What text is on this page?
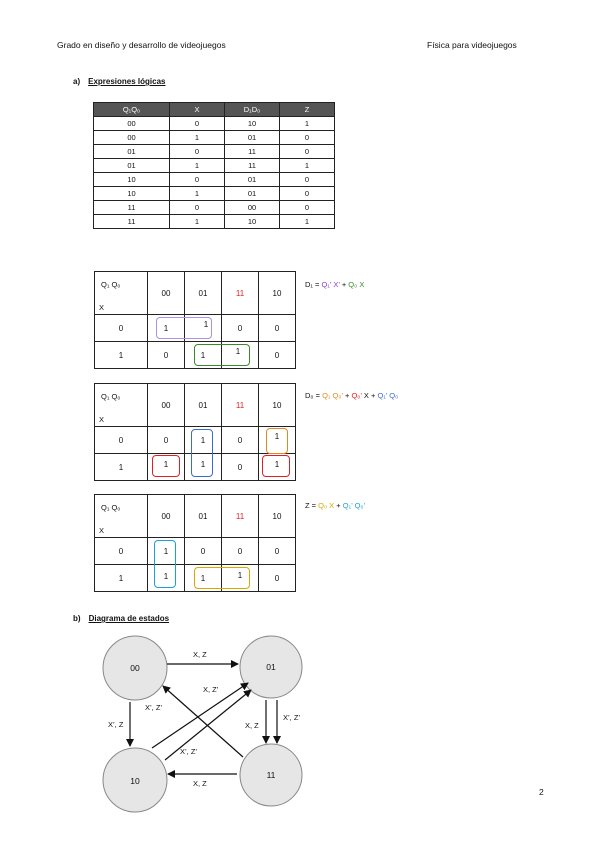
Grado en diseño y desarrollo de videojuegos	Física para videojuegos
a) Expresiones lógicas
Q₁Q₀	X	D₁D₀	Z
00	0	10	1
00	1	01	0
01	0	11	0
01	1	11	1
10	0	01	0
10	1	01	0
11	0	00	0
11	1	10	1
Q₁ Q₀
X	00	01	11	10
0	1	1	0	0
1	0	1	1	0
D₁ = Q₁’ X’ + Q₀ X
Q₁ Q₀
X	00	01	11	10
0	0	1	0	1
1	1	1	0	1
D₀ = Q₁ Q₀’ + Q₀’ X + Q₁’ Q₀
Q₁ Q₀
X	00	01	11	10
0	1	0	0	0
1	1	1	1	0
Z = Q₀ X + Q₁’ Q₀’
b) Diagrama de estados
00	01
10
11
X, Z
X, Z’
X’, Z’
X’, Z
X’, Z’
X, Z
X’, Z’
X, Z
2
